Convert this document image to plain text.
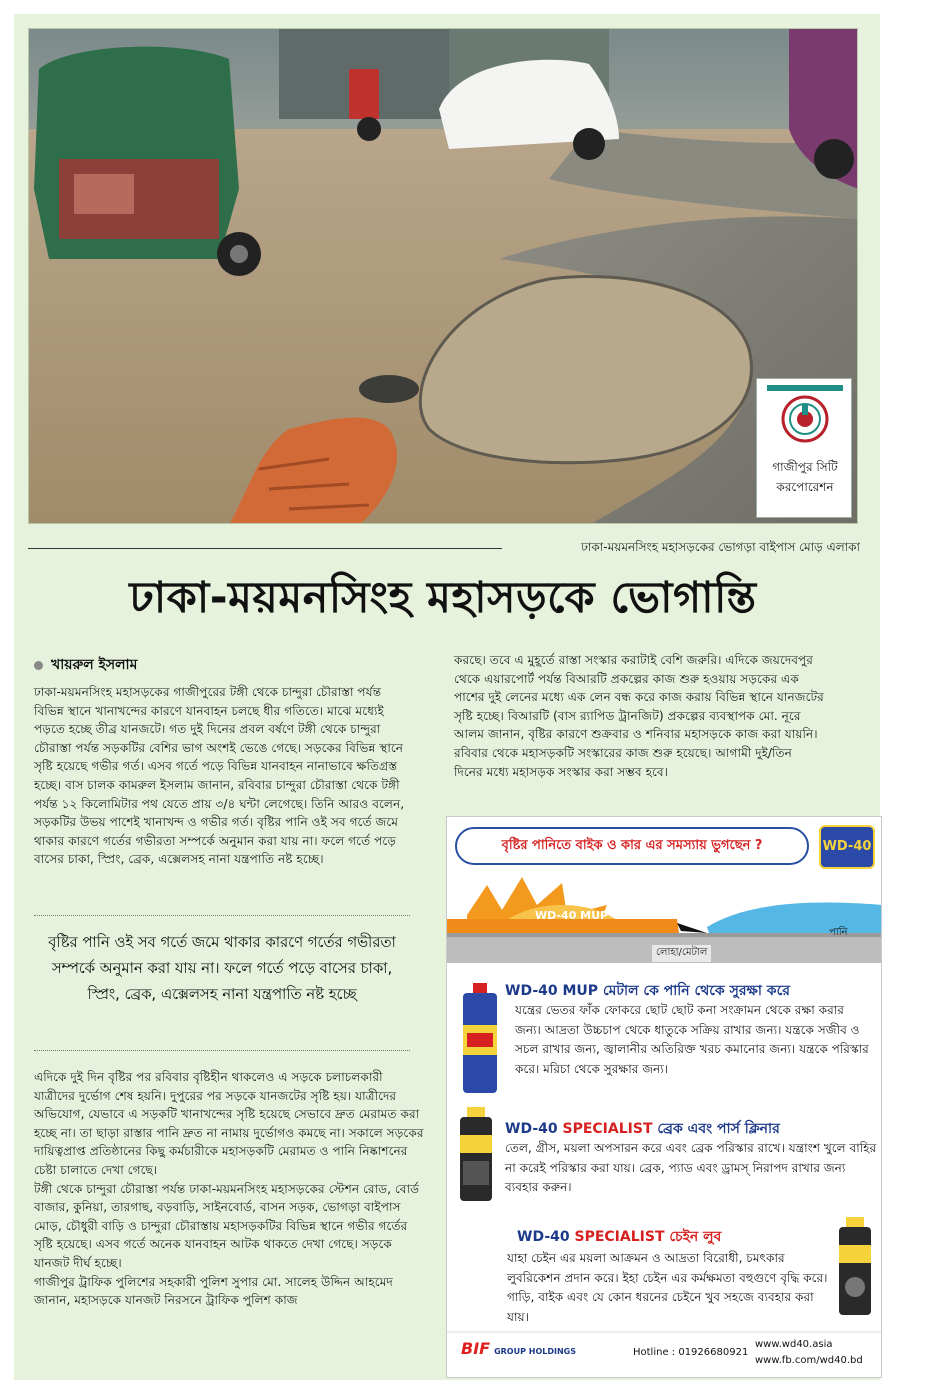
গাজীপুর সিটি করপোরেশন
ঢাকা-ময়মনসিংহ মহাসড়কের ভোগড়া বাইপাস মোড় এলাকা
ঢাকা-ময়মনসিংহ মহাসড়কে ভোগান্তি
খায়রুল ইসলাম

ঢাকা-ময়মনসিংহ মহাসড়কের গাজীপুরের টঙ্গী থেকে চান্দুরা চৌরাস্তা পর্যন্ত বিভিন্ন স্থানে খানাখন্দের কারণে যানবাহন চলছে ধীর গতিতে। মাঝে মধ্যেই পড়তে হচ্ছে তীব্র যানজটে। গত দুই দিনের প্রবল বর্ষণে টঙ্গী থেকে চান্দুরা চৌরাস্তা পর্যন্ত সড়কটির বেশির ভাগ অংশই ভেঙে গেছে। সড়কের বিভিন্ন স্থানে সৃষ্টি হয়েছে গভীর গর্ত। এসব গর্তে পড়ে বিভিন্ন যানবাহন নানাভাবে ক্ষতিগ্রস্ত হচ্ছে। বাস চালক কামরুল ইসলাম জানান, রবিবার চান্দুরা চৌরাস্তা থেকে টঙ্গী পর্যন্ত ১২ কিলোমিটার পথ যেতে প্রায় ৩/৪ ঘন্টা লেগেছে। তিনি আরও বলেন, সড়কটির উভয় পাশেই খানাখন্দ ও গভীর গর্ত। বৃষ্টির পানি ওই সব গর্তে জমে থাকার কারণে গর্তের গভীরতা সম্পর্কে অনুমান করা যায় না। ফলে গর্তে পড়ে বাসের চাকা, স্প্রিং, ব্রেক, এক্সেলসহ নানা যন্ত্রপাতি নষ্ট হচ্ছে।

বৃষ্টির পানি ওই সব গর্তে জমে থাকার কারণে গর্তের গভীরতা সম্পর্কে অনুমান করা যায় না। ফলে গর্তে পড়ে বাসের চাকা, স্প্রিং, ব্রেক, এক্সেলসহ নানা যন্ত্রপাতি নষ্ট হচ্ছে

এদিকে দুই দিন বৃষ্টির পর রবিবার বৃষ্টিহীন থাকলেও এ সড়কে চলাচলকারী যাত্রীদের দুর্ভোগ শেষ হয়নি। দুপুরের পর সড়কে যানজটের সৃষ্টি হয়। যাত্রীদের অভিযোগ, যেভাবে এ সড়কটি খানাখন্দের সৃষ্টি হয়েছে সেভাবে দ্রুত মেরামত করা হচ্ছে না। তা ছাড়া রাস্তার পানি দ্রুত না নামায় দুর্ভোগও কমছে না। সকালে সড়কের দায়িত্বপ্রাপ্ত প্রতিষ্ঠানের কিছু কর্মচারীকে মহাসড়কটি মেরামত ও পানি নিষ্কাশনের চেষ্টা চালাতে দেখা গেছে।

টঙ্গী থেকে চান্দুরা চৌরাস্তা পর্যন্ত ঢাকা-ময়মনসিংহ মহাসড়কের স্টেশন রোড, বোর্ড বাজার, কুনিয়া, তারগাছ, বড়বাড়ি, সাইনবোর্ড, বাসন সড়ক, ভোগড়া বাইপাস মোড়, চৌধুরী বাড়ি ও চান্দুরা চৌরাস্তায় মহাসড়কটির বিভিন্ন স্থানে গভীর গর্তের সৃষ্টি হয়েছে। এসব গর্তে অনেক যানবাহন আটক থাকতে দেখা গেছে। সড়কে যানজট দীর্ঘ হচ্ছে।

গাজীপুর ট্রাফিক পুলিশের সহকারী পুলিশ সুপার মো. সালেহ উদ্দিন আহমেদ জানান, মহাসড়কে যানজট নিরসনে ট্রাফিক পুলিশ কাজ

করছে। তবে এ মুহূর্তে রাস্তা সংস্কার করাটাই বেশি জরুরি। এদিকে জয়দেবপুর থেকে এয়ারপোর্ট পর্যন্ত বিআরটি প্রকল্পের কাজ শুরু হওয়ায় সড়কের এক পাশের দুই লেনের মধ্যে এক লেন বন্ধ করে কাজ করায় বিভিন্ন স্থানে যানজটের সৃষ্টি হচ্ছে। বিআরটি (বাস র‍্যাপিড ট্রানজিট) প্রকল্পের ব্যবস্থাপক মো. নূরে আলম জানান, বৃষ্টির কারণে শুক্রবার ও শনিবার মহাসড়কে কাজ করা যায়নি। রবিবার থেকে মহাসড়কটি সংস্কারের কাজ শুরু হয়েছে। আগামী দুই/তিন দিনের মধ্যে মহাসড়ক সংস্কার করা সম্ভব হবে।

বৃষ্টির পানিতে বাইক ও কার এর সমস্যায় ভুগছেন ?	WD-40
WD-40 MUP
লোহা/মেটাল
পানি
WD-40 MUP মেটাল কে পানি থেকে সুরক্ষা করে
যন্ত্রের ভেতর ফাঁক ফোকরে ছোট ছোট কনা সংক্রামন থেকে রক্ষা করার জন্য। আদ্রতা উচ্চচাপ থেকে ধাতুকে সক্রিয় রাখার জন্য। যন্ত্রকে সজীব ও সচল রাখার জন্য, জ্বালানীর অতিরিক্ত খরচ কমানোর জন্য। যন্ত্রকে পরিস্কার করে। মরিচা থেকে সুরক্ষার জন্য।
WD-40 SPECIALIST ব্রেক এবং পার্স ক্লিনার
তেল, গ্রীস, ময়লা অপসারন করে এবং ব্রেক পরিস্কার রাখে। যন্ত্রাংশ খুলে বাহির না করেই পরিস্কার করা যায়। ব্রেক, প্যাড এবং ড্রামস্ নিরাপদ রাখার জন্য ব্যবহার করুন।
WD-40 SPECIALIST চেইন লুব
যাহা চেইন এর ময়লা আক্রমন ও আদ্রতা বিরোধী, চমৎকার লুবরিকেশন প্রদান করে। ইহা চেইন এর কর্মক্ষমতা বহুগুণে বৃদ্ধি করে। গাড়ি, বাইক এবং যে কোন ধরনের চেইনে খুব সহজে ব্যবহার করা যায়।
BIF GROUP HOLDINGS	Hotline : 01926680921
www.wd40.asia
www.fb.com/wd40.bd
